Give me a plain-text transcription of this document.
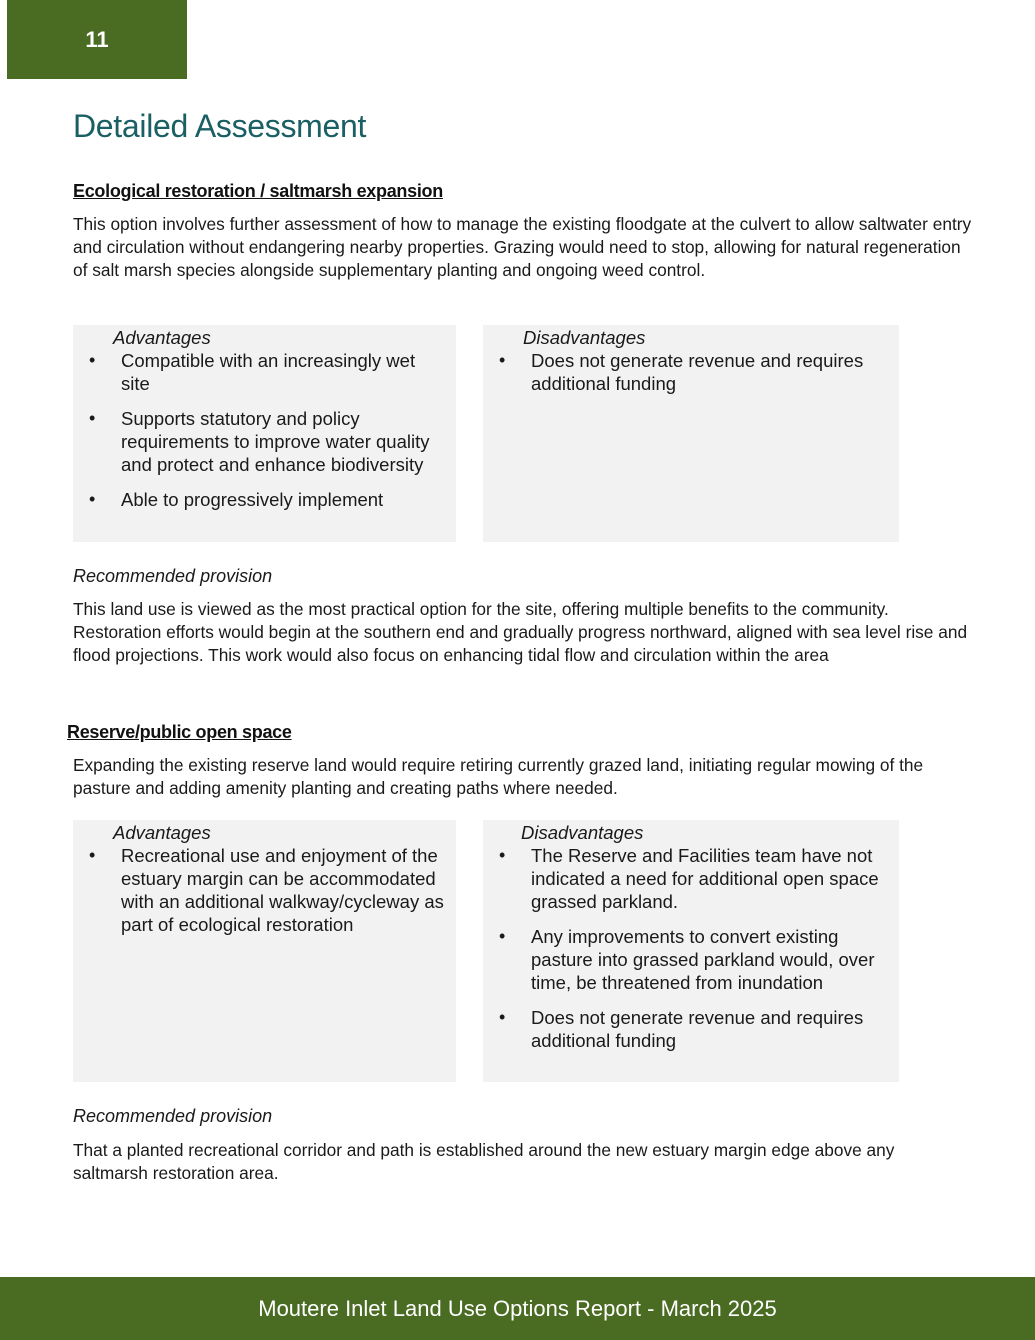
11
Detailed Assessment
Ecological restoration / saltmarsh expansion

This option involves further assessment of how to manage the existing floodgate at the culvert to allow saltwater entry and circulation without endangering nearby properties. Grazing would need to stop, allowing for natural regeneration of salt marsh species alongside supplementary planting and ongoing weed control.

Advantages

• Compatible with an increasingly wet site
• Supports statutory and policy requirements to improve water quality and protect and enhance biodiversity
• Able to progressively implement

Disadvantages

• Does not generate revenue and requires additional funding

Recommended provision

This land use is viewed as the most practical option for the site, offering multiple benefits to the community. Restoration efforts would begin at the southern end and gradually progress northward, aligned with sea level rise and flood projections. This work would also focus on enhancing tidal flow and circulation within the area

Reserve/public open space

Expanding the existing reserve land would require retiring currently grazed land, initiating regular mowing of the pasture and adding amenity planting and creating paths where needed.

Advantages

• Recreational use and enjoyment of the estuary margin can be accommodated with an additional walkway/cycleway as part of ecological restoration

Disadvantages

• The Reserve and Facilities team have not indicated a need for additional open space grassed parkland.
• Any improvements to convert existing pasture into grassed parkland would, over time, be threatened from inundation
• Does not generate revenue and requires additional funding

Recommended provision

That a planted recreational corridor and path is established around the new estuary margin edge above any saltmarsh restoration area.

Moutere Inlet Land Use Options Report - March 2025
